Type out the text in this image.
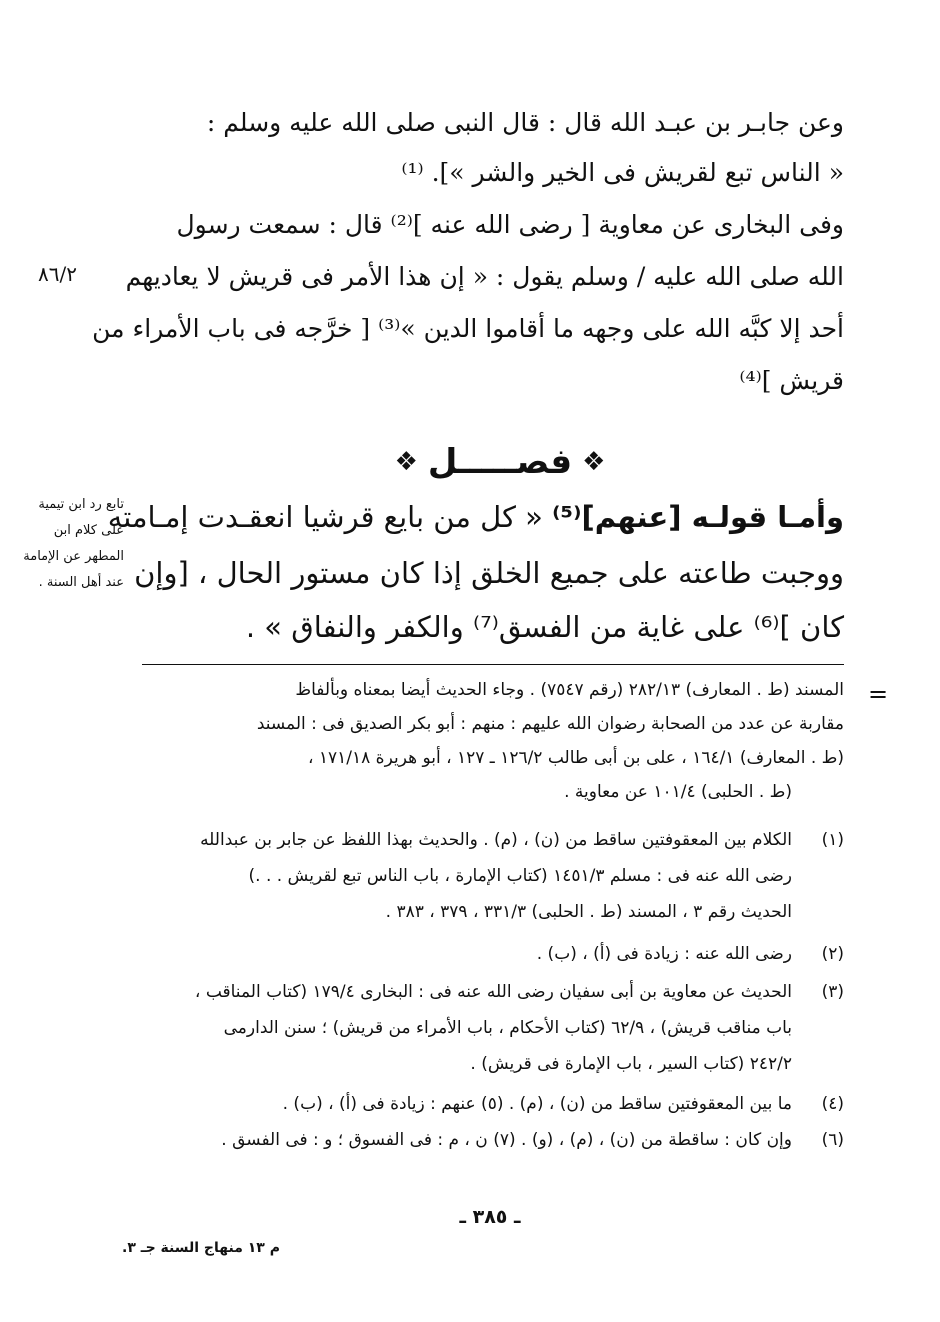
وعن جابـر بن عبـد الله قال : قال النبى صلى الله عليه وسلم :
« الناس تبع لقريش فى الخير والشر »]. ⁽¹⁾
وفى البخارى عن معاوية [ رضى الله عنه ]⁽²⁾ قال : سمعت رسول
الله صلى الله عليه / وسلم يقول : « إن هذا الأمر فى قريش لا يعاديهم
أحد إلا كبَّه الله على وجهه ما أقاموا الدين »⁽³⁾ [ خرَّجه فى باب الأمراء من
قريش ]⁽⁴⁾
٨٦/٢
❖ فصـــــل ❖
وأمـا قولـه [عنهم]⁽⁵⁾ « كل من بايع قرشيا انعقـدت إمـامته
ووجبت طاعته على جميع الخلق إذا كان مستور الحال ، [وإن
كان ]⁽⁶⁾ على غاية من الفسق⁽⁷⁾ والكفر والنفاق » .
تابع رد ابن تيمية على كلام ابن المطهر عن الإمامة عند أهل السنة .
=
المسند (ط . المعارف) ٢٨٢/١٣ (رقم ٧٥٤٧) . وجاء الحديث أيضا بمعناه وبألفاظ
مقاربة عن عدد من الصحابة رضوان الله عليهم : منهم : أبو بكر الصديق فى : المسند
(ط . المعارف) ١٦٤/١ ، على بن أبى طالب ١٢٦/٢ ـ ١٢٧ ، أبو هريرة ١٧١/١٨ ،
(ط . الحلبى) ١٠١/٤ عن معاوية .
(١)
الكلام بين المعقوفتين ساقط من (ن) ، (م) . والحديث بهذا اللفظ عن جابر بن عبدالله
رضى الله عنه فى : مسلم ١٤٥١/٣ (كتاب الإمارة ، باب الناس تبع لقريش . . .)
الحديث رقم ٣ ، المسند (ط . الحلبى) ٣٣١/٣ ، ٣٧٩ ، ٣٨٣ .
(٢)
رضى الله عنه : زيادة فى (أ) ، (ب) .
(٣)
الحديث عن معاوية بن أبى سفيان رضى الله عنه فى : البخارى ١٧٩/٤ (كتاب المناقب ،
باب مناقب قريش) ، ٦٢/٩ (كتاب الأحكام ، باب الأمراء من قريش) ؛ سنن الدارمى
٢٤٢/٢ (كتاب السير ، باب الإمارة فى قريش) .
(٤)
ما بين المعقوفتين ساقط من (ن) ، (م) . (٥) عنهم : زيادة فى (أ) ، (ب) .
(٦)
وإن كان : ساقطة من (ن) ، (م) ، (و) . (٧) ن ، م : فى الفسوق ؛ و : فى الفسق .
ـ ٣٨٥ ـ
م ١٣ منهاج السنة جـ ٣.
